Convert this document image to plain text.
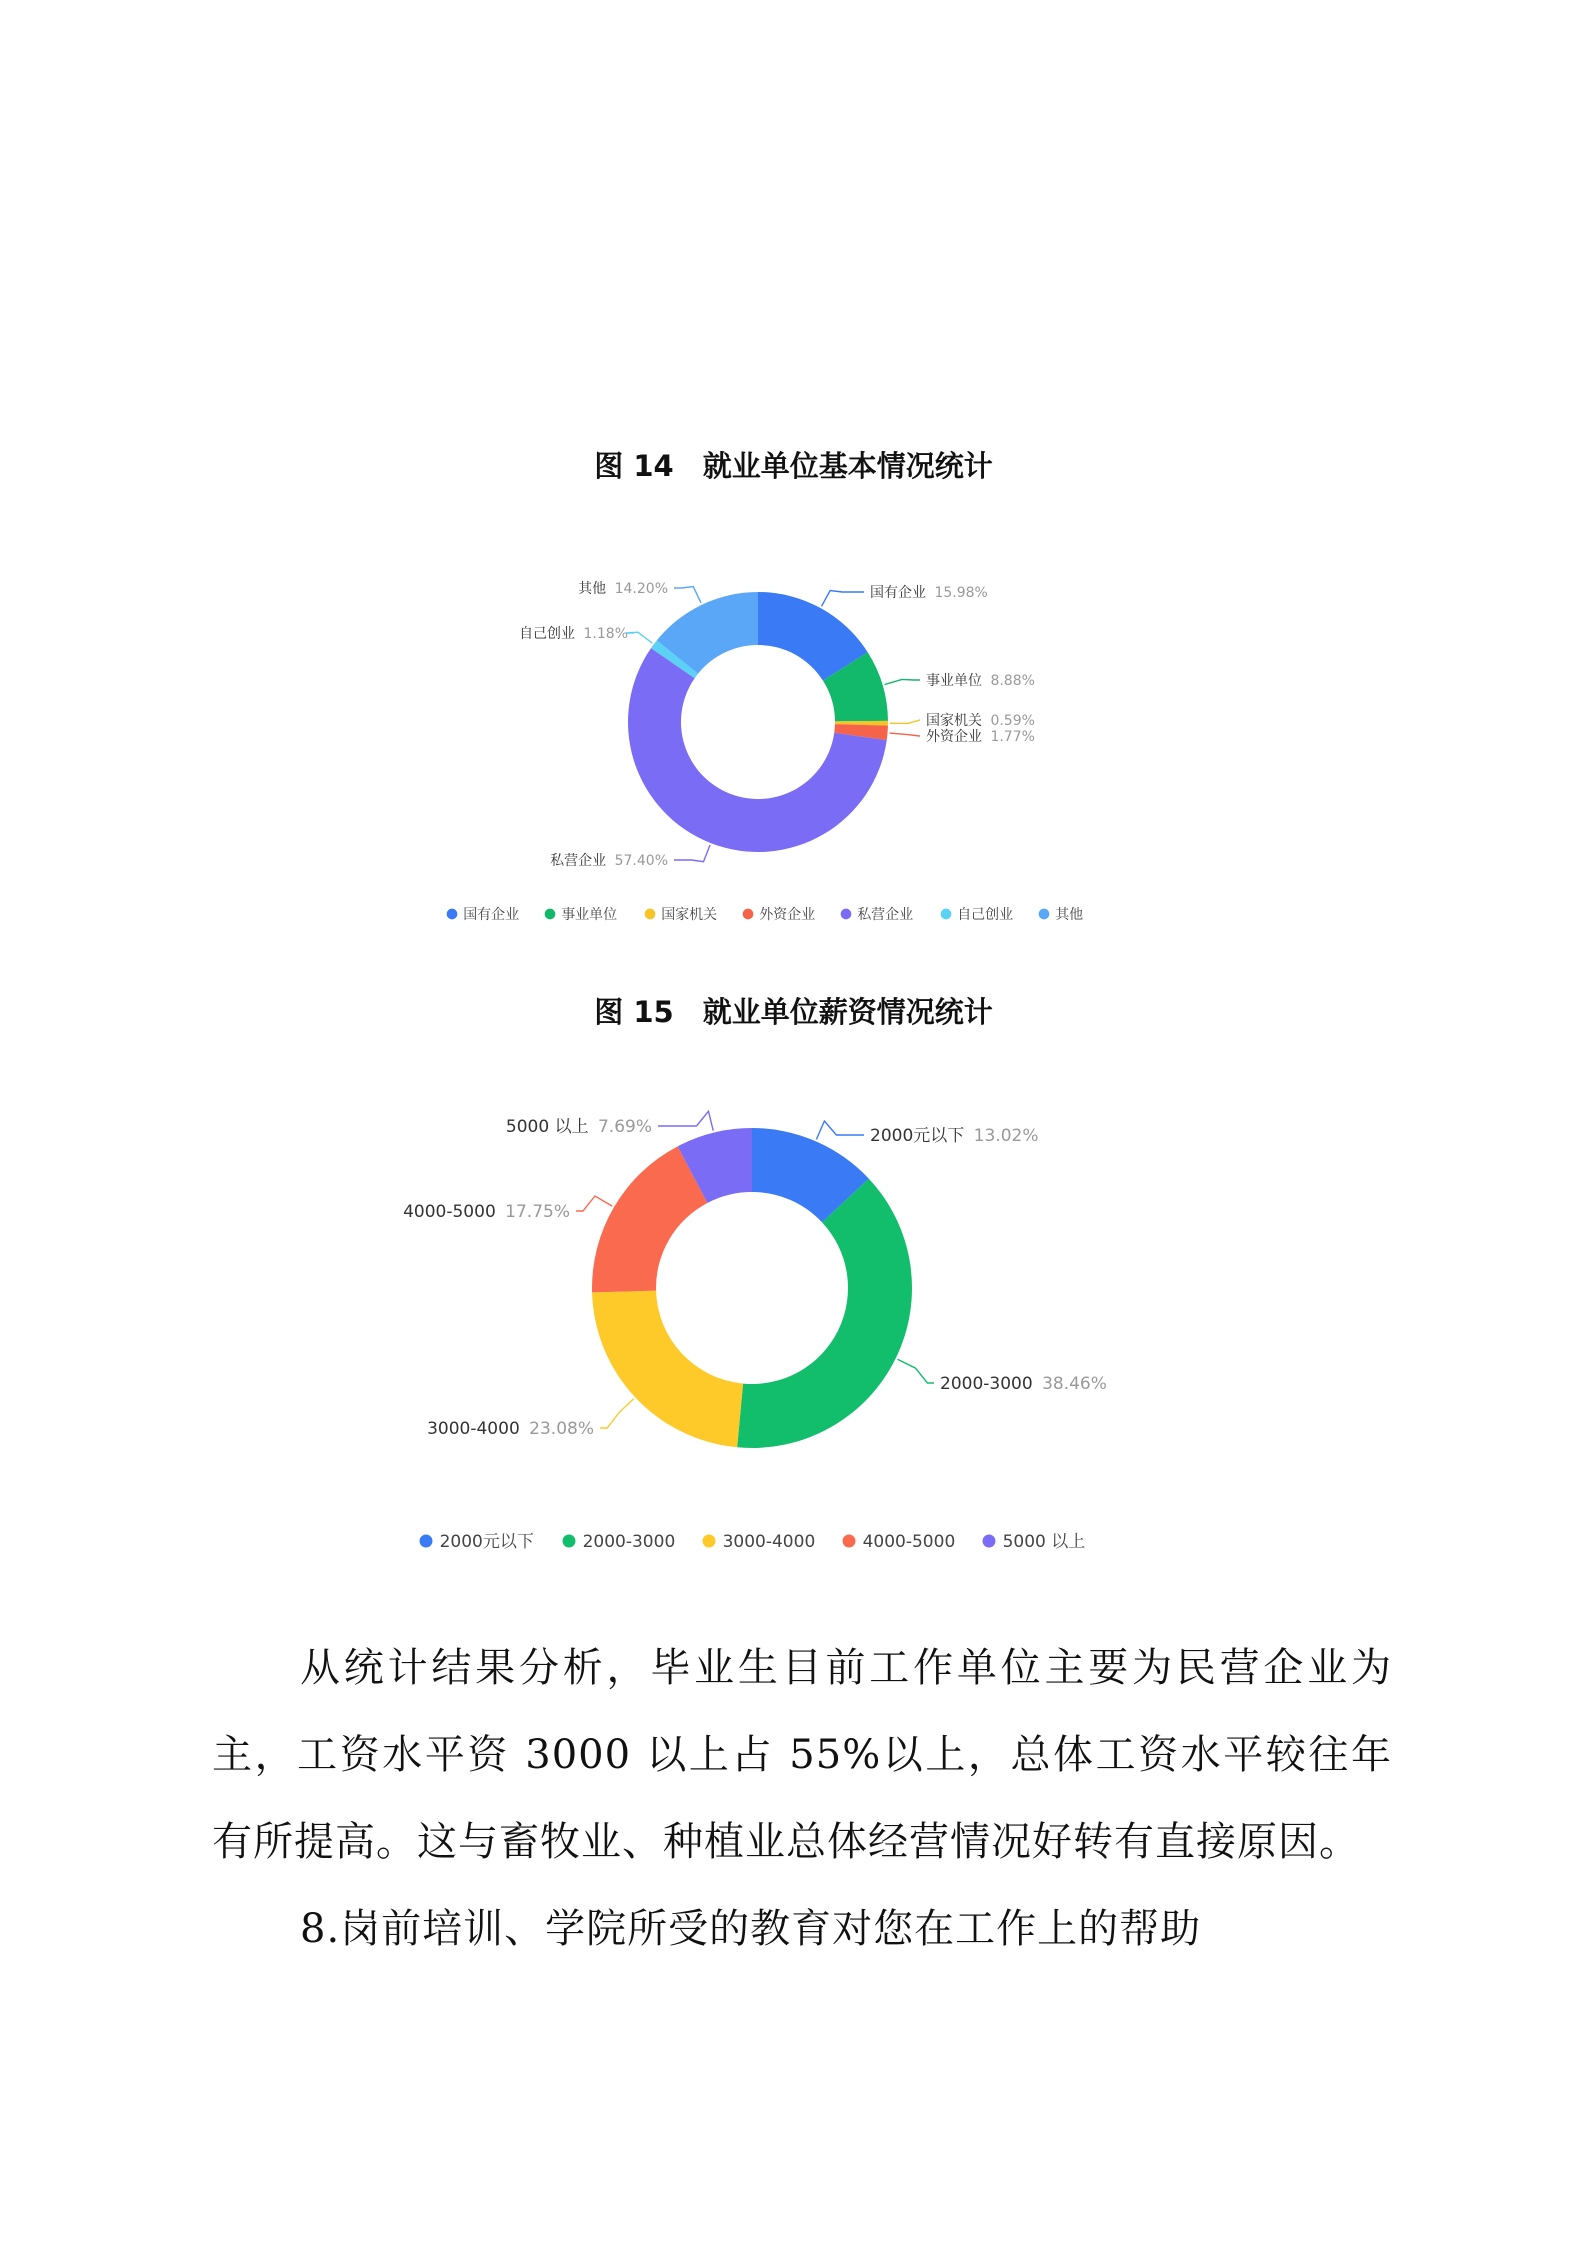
图 14　就业单位基本情况统计
国有企业 15.98%
事业单位 8.88%
国家机关 0.59%
外资企业 1.77%
私营企业 57.40%
自己创业 1.18%
其他 14.20%
国有企业	事业单位	国家机关	外资企业	私营企业	自己创业	其他
图 15　就业单位薪资情况统计
2000元以下 13.02%
2000-3000 38.46%
3000-4000 23.08%
4000-5000 17.75%
5000 以上 7.69%
2000元以下	2000-3000	3000-4000	4000-5000	5000 以上

从统计结果分析，毕业生目前工作单位主要为民营企业为主，工资水平资 3000 以上占 55%以上，总体工资水平较往年有所提高。这与畜牧业、种植业总体经营情况好转有直接原因。

8.岗前培训、学院所受的教育对您在工作上的帮助
